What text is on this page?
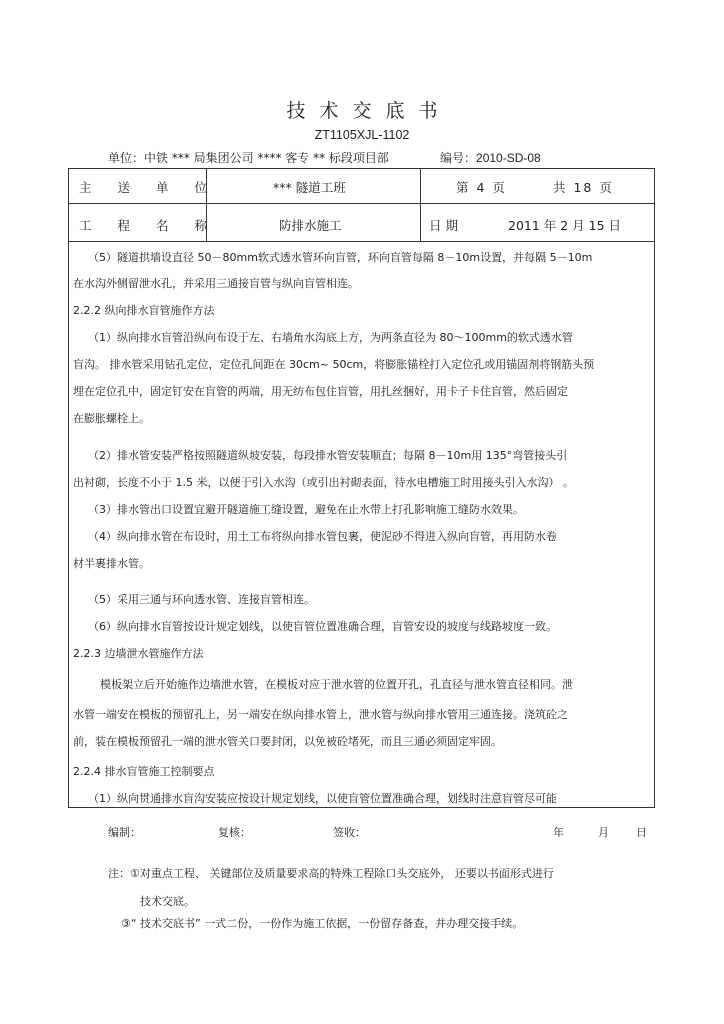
技术交底书
ZT1105XJL-1102
单位：中铁 *** 局集团公司 **** 客专 ** 标段项目部	编号：2010-SD-08
主 送 单 位	*** 隧道工班	第 4 页	共 18 页
工 程 名 称	防排水施工	日 期	2011 年 2 月 15 日
（5）隧道拱墙设直径 50－80mm软式透水管环向盲管，环向盲管每隔 8－10m设置，并每隔 5－10m
在水沟外侧留泄水孔，并采用三通接盲管与纵向盲管相连。
2.2.2 纵向排水盲管施作方法
（1）纵向排水盲管沿纵向布设于左、右墙角水沟底上方，为两条直径为 80～100mm的软式透水管
盲沟。 排水管采用钻孔定位，定位孔间距在 30cm~ 50cm，将膨胀锚栓打入定位孔或用锚固剂将钢筋头预
埋在定位孔中，固定钉安在盲管的两端，用无纺布包住盲管，用扎丝捆好，用卡子卡住盲管，然后固定
在膨胀螺栓上。
（2）排水管安装严格按照隧道纵坡安装，每段排水管安装顺直；每隔 8－10m用 135°弯管接头引
出衬砌，长度不小于 1.5 米，以便于引入水沟（或引出衬砌表面，待水电槽施工时用接头引入水沟） 。
（3）排水管出口设置宜避开隧道施工缝设置，避免在止水带上打孔影响施工缝防水效果。
（4）纵向排水管在布设时，用土工布将纵向排水管包裹，使泥砂不得进入纵向盲管，再用防水卷
材半裹排水管。
（5）采用三通与环向透水管、连接盲管相连。
（6）纵向排水盲管按设计规定划线，以使盲管位置准确合理，盲管安设的坡度与线路坡度一致。
2.2.3 边墙泄水管施作方法
模板架立后开始施作边墙泄水管，在模板对应于泄水管的位置开孔，孔直径与泄水管直径相同。泄
水管一端安在模板的预留孔上，另一端安在纵向排水管上，泄水管与纵向排水管用三通连接。浇筑砼之
前，装在模板预留孔一端的泄水管关口要封闭，以免被砼堵死，而且三通必须固定牢固。
2.2.4 排水盲管施工控制要点
（1）纵向贯通排水盲沟安装应按设计规定划线，以使盲管位置准确合理，划线时注意盲管尽可能
编制：	复核：	签收：	年	月 日
注：①对重点工程、 关键部位及质量要求高的特殊工程除口头交底外， 还要以书面形式进行
技术交底。
③“ 技术交底书” 一式二份，一份作为施工依据，一份留存备查，并办理交接手续。
